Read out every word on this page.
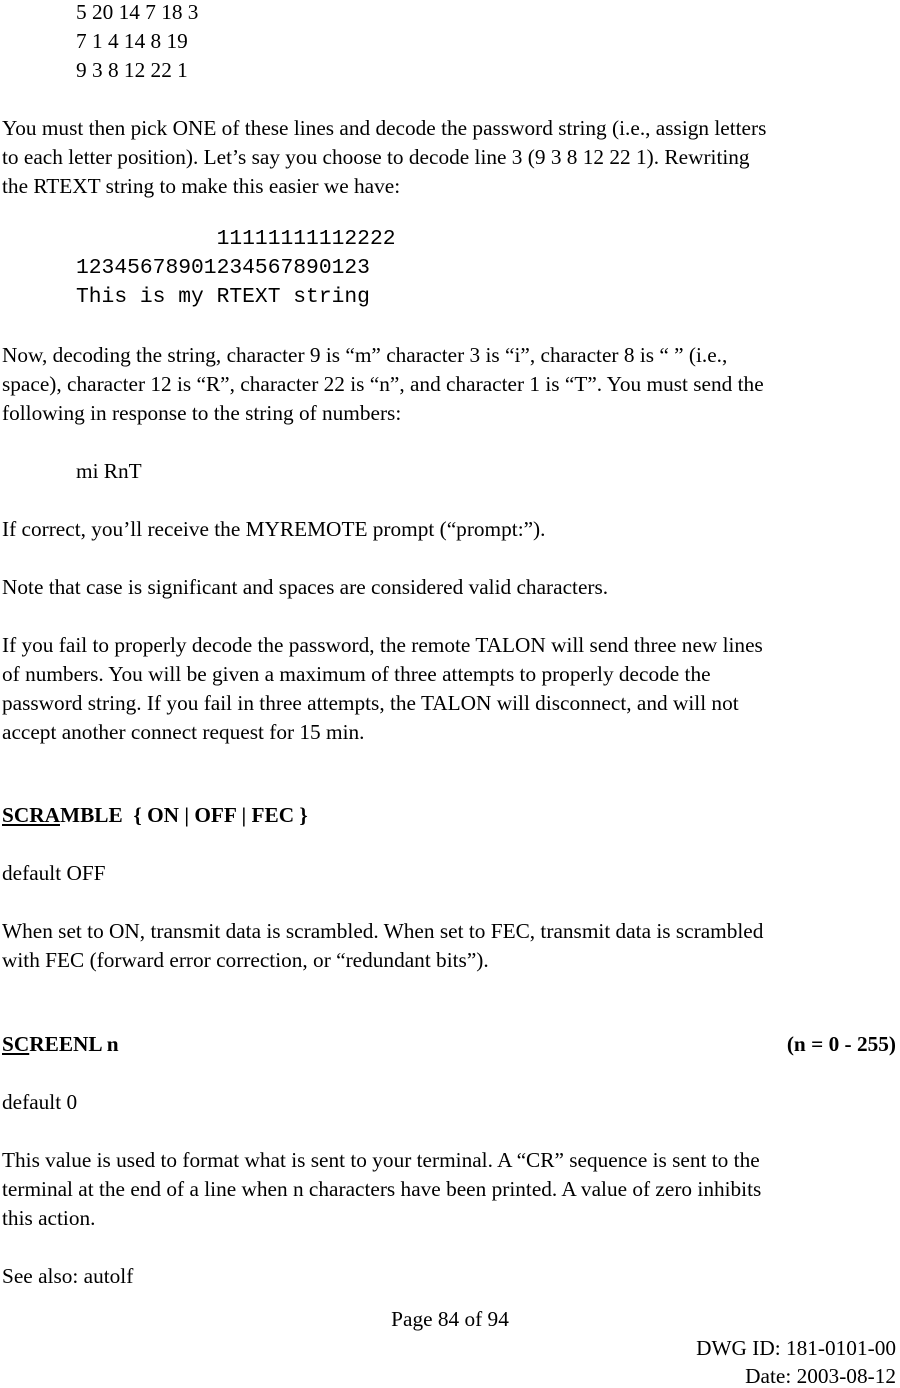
5 20 14 7 18 3
7 1 4 14 8 19
9 3 8 12 22 1
You must then pick ONE of these lines and decode the password string (i.e., assign letters
to each letter position). Let’s say you choose to decode line 3 (9 3 8 12 22 1). Rewriting
the RTEXT string to make this easier we have:
11111111112222
12345678901234567890123
This is my RTEXT string
Now, decoding the string, character 9 is “m” character 3 is “i”, character 8 is “ ” (i.e.,
space), character 12 is “R”, character 22 is “n”, and character 1 is “T”. You must send the
following in response to the string of numbers:
mi RnT
If correct, you’ll receive the MYREMOTE prompt (“prompt:”).
Note that case is significant and spaces are considered valid characters.
If you fail to properly decode the password, the remote TALON will send three new lines
of numbers. You will be given a maximum of three attempts to properly decode the
password string. If you fail in three attempts, the TALON will disconnect, and will not
accept another connect request for 15 min.
SCRAMBLE  { ON | OFF | FEC }
default OFF
When set to ON, transmit data is scrambled. When set to FEC, transmit data is scrambled
with FEC (forward error correction, or “redundant bits”).
SCREENL n	(n = 0 - 255)
default 0
This value is used to format what is sent to your terminal. A “CR” sequence is sent to the
terminal at the end of a line when n characters have been printed. A value of zero inhibits
this action.
See also: autolf
Page 84 of 94
DWG ID: 181-0101-00
Date: 2003-08-12
